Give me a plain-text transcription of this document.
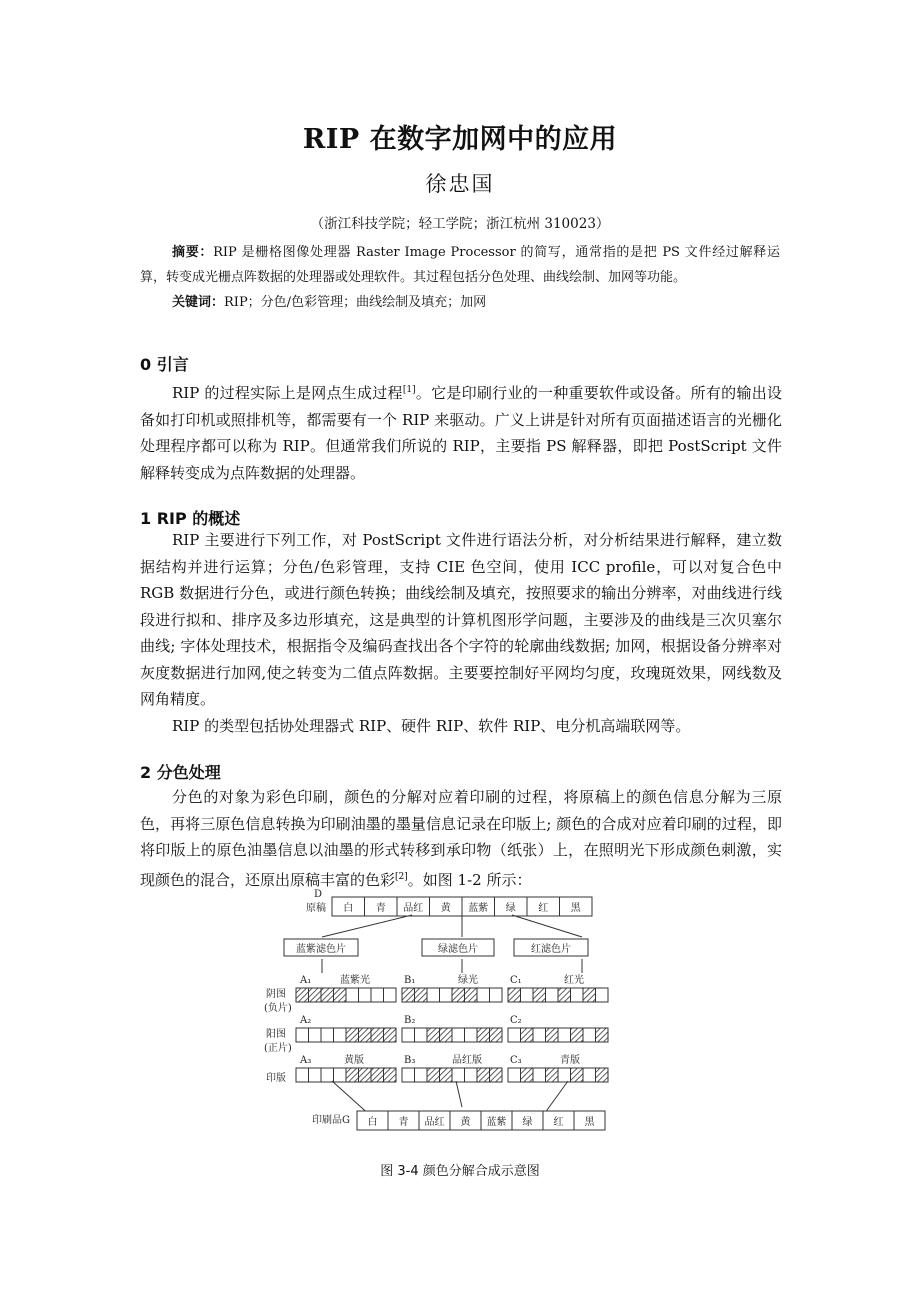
RIP 在数字加网中的应用
徐忠国
（浙江科技学院；轻工学院；浙江杭州 310023）

摘要：RIP 是栅格图像处理器 Raster Image Processor 的简写，通常指的是把 PS 文件经过解释运算，转变成光栅点阵数据的处理器或处理软件。其过程包括分色处理、曲线绘制、加网等功能。

关键词：RIP；分色/色彩管理；曲线绘制及填充；加网
0 引言

RIP 的过程实际上是网点生成过程[1]。它是印刷行业的一种重要软件或设备。所有的输出设备如打印机或照排机等，都需要有一个 RIP 来驱动。广义上讲是针对所有页面描述语言的光栅化处理程序都可以称为 RIP。但通常我们所说的 RIP，主要指 PS 解释器，即把 PostScript 文件解释转变成为点阵数据的处理器。

1 RIP 的概述

RIP 主要进行下列工作，对 PostScript 文件进行语法分析，对分析结果进行解释，建立数据结构并进行运算；分色/色彩管理，支持 CIE 色空间，使用 ICC profile，可以对复合色中 RGB 数据进行分色，或进行颜色转换；曲线绘制及填充，按照要求的输出分辨率，对曲线进行线段进行拟和、排序及多边形填充，这是典型的计算机图形学问题，主要涉及的曲线是三次贝塞尔曲线; 字体处理技术，根据指令及编码查找出各个字符的轮廓曲线数据; 加网，根据设备分辨率对灰度数据进行加网,使之转变为二值点阵数据。主要要控制好平网均匀度，玫瑰斑效果，网线数及网角精度。

RIP 的类型包括协处理器式 RIP、硬件 RIP、软件 RIP、电分机高端联网等。

2 分色处理

分色的对象为彩色印刷，颜色的分解对应着印刷的过程，将原稿上的颜色信息分解为三原色，再将三原色信息转换为印刷油墨的墨量信息记录在印版上; 颜色的合成对应着印刷的过程，即将印版上的原色油墨信息以油墨的形式转移到承印物（纸张）上，在照明光下形成颜色刺激，实现颜色的混合，还原出原稿丰富的色彩[2]。如图 1-2 所示：

D
原稿 白 青 品红 黄 蓝紫 绿 红 黑
蓝紫滤色片	绿滤色片	红滤色片
阴图
(负片)
阳图
(正片)
印版
A₁	蓝紫光
A₂
A₃	黄版
B₁	绿光
B₂
B₃	品红版
C₁	红光
C₂
C₃	青版
印刷品G 白 青 品红 黄 蓝紫 绿 红 黑
图 3-4 颜色分解合成示意图
